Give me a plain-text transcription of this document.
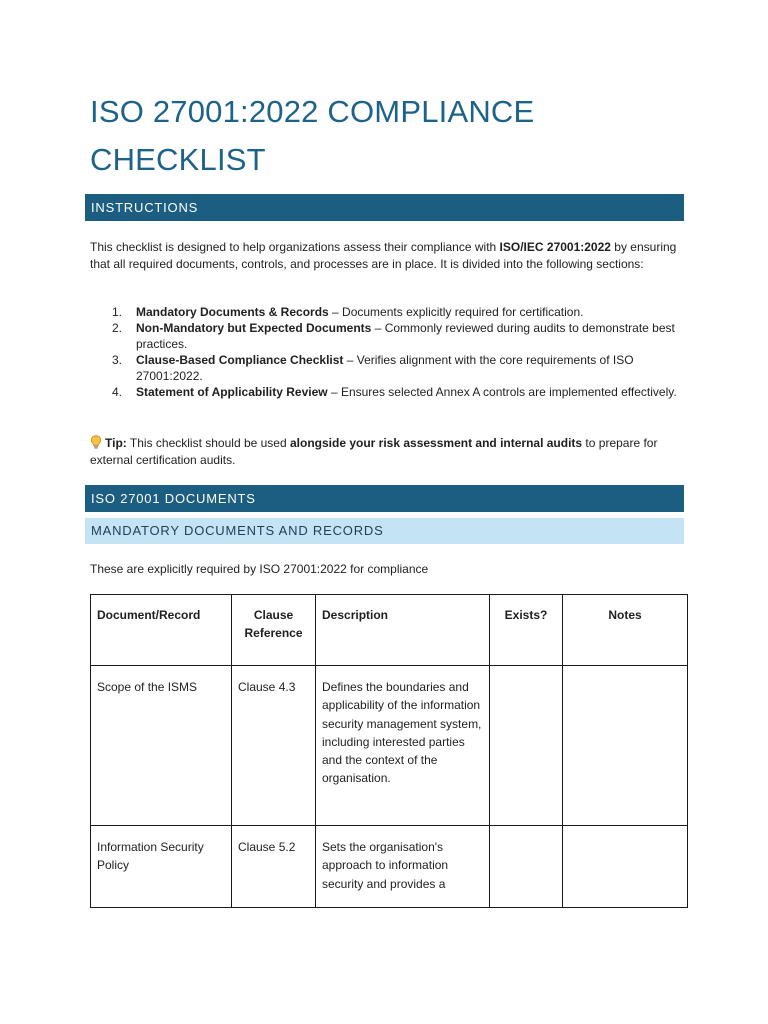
ISO 27001:2022 COMPLIANCE CHECKLIST
INSTRUCTIONS
This checklist is designed to help organizations assess their compliance with ISO/IEC 27001:2022 by ensuring that all required documents, controls, and processes are in place. It is divided into the following sections:
1. Mandatory Documents & Records – Documents explicitly required for certification.
2. Non-Mandatory but Expected Documents – Commonly reviewed during audits to demonstrate best practices.
3. Clause-Based Compliance Checklist – Verifies alignment with the core requirements of ISO 27001:2022.
4. Statement of Applicability Review – Ensures selected Annex A controls are implemented effectively.
Tip: This checklist should be used alongside your risk assessment and internal audits to prepare for external certification audits.
ISO 27001 DOCUMENTS
MANDATORY DOCUMENTS AND RECORDS
These are explicitly required by ISO 27001:2022 for compliance
Document/Record	Clause Reference	Description	Exists?	Notes
Scope of the ISMS	Clause 4.3	Defines the boundaries and applicability of the information security management system, including interested parties and the context of the organisation.		
Information Security Policy	Clause 5.2	Sets the organisation's approach to information security and provides a		
